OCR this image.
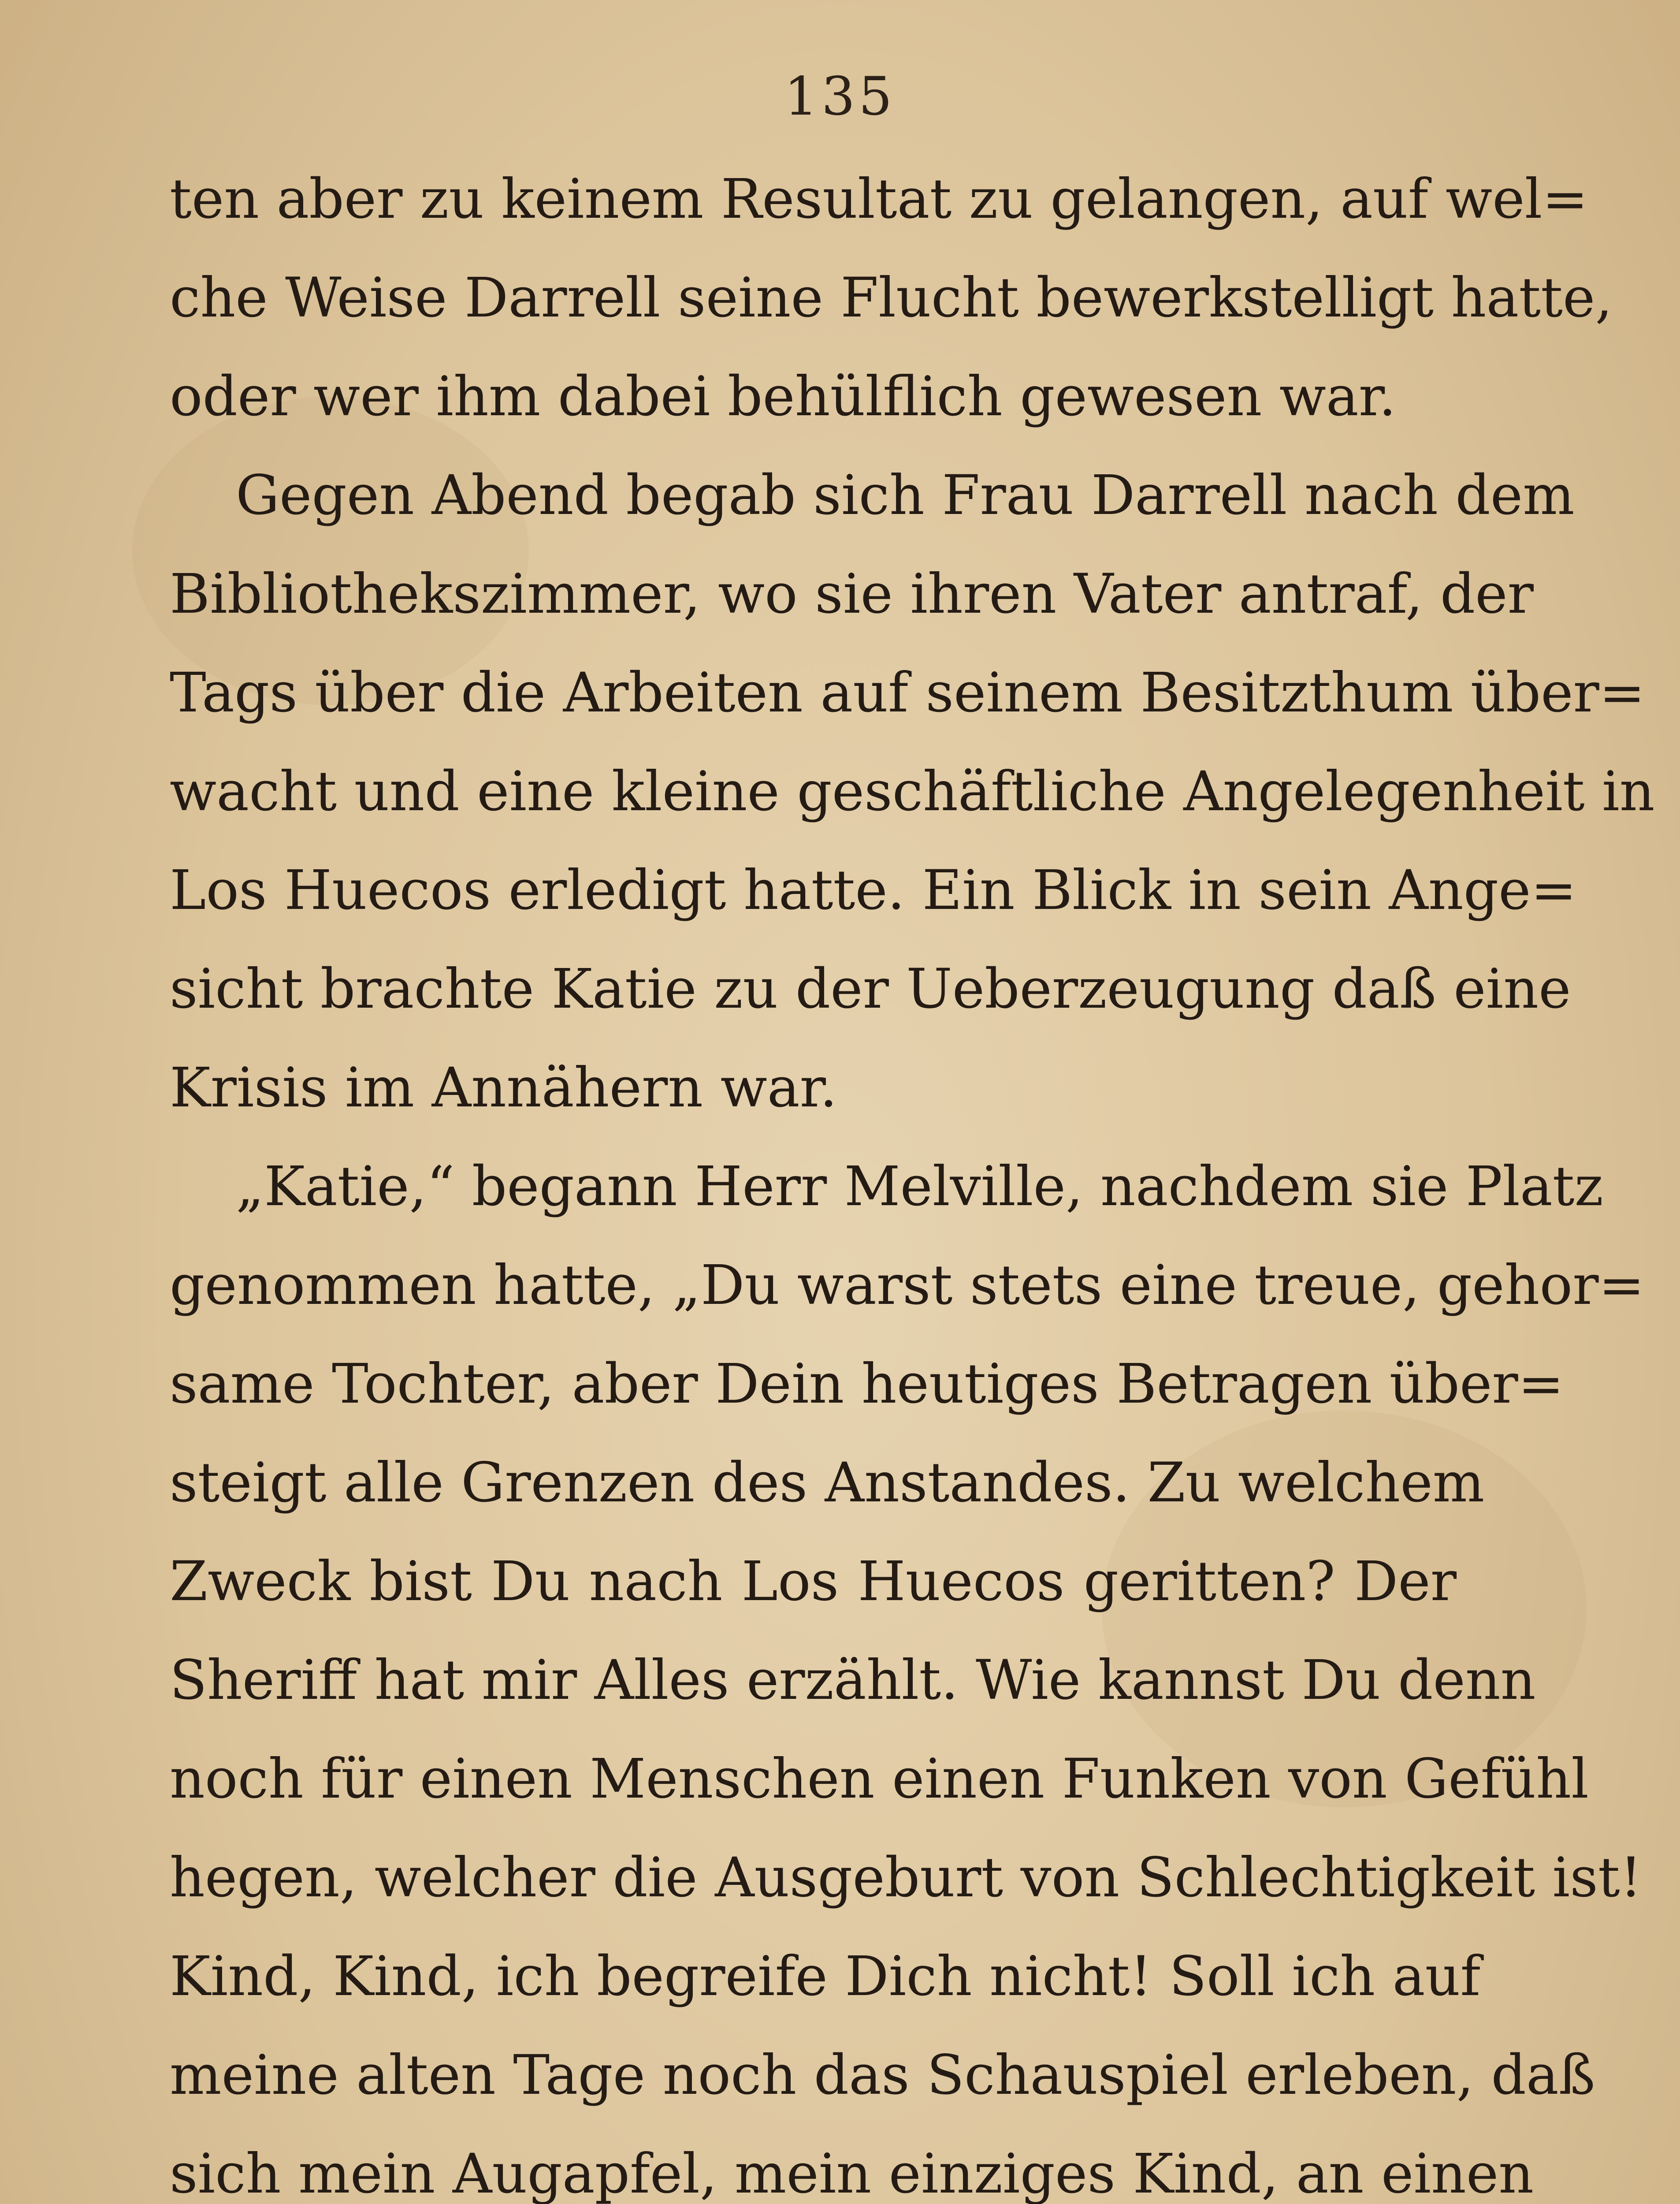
135
ten aber zu keinem Resultat zu gelangen, auf wel=
che Weise Darrell seine Flucht bewerkstelligt hatte,
oder wer ihm dabei behülflich gewesen war.
Gegen Abend begab sich Frau Darrell nach dem
Bibliothekszimmer, wo sie ihren Vater antraf, der
Tags über die Arbeiten auf seinem Besitzthum über=
wacht und eine kleine geschäftliche Angelegenheit in
Los Huecos erledigt hatte. Ein Blick in sein Ange=
sicht brachte Katie zu der Ueberzeugung daß eine
Krisis im Annähern war.
„Katie,“ begann Herr Melville, nachdem sie Platz
genommen hatte, „Du warst stets eine treue, gehor=
same Tochter, aber Dein heutiges Betragen über=
steigt alle Grenzen des Anstandes. Zu welchem
Zweck bist Du nach Los Huecos geritten? Der
Sheriff hat mir Alles erzählt. Wie kannst Du denn
noch für einen Menschen einen Funken von Gefühl
hegen, welcher die Ausgeburt von Schlechtigkeit ist!
Kind, Kind, ich begreife Dich nicht! Soll ich auf
meine alten Tage noch das Schauspiel erleben, daß
sich mein Augapfel, mein einziges Kind, an einen
